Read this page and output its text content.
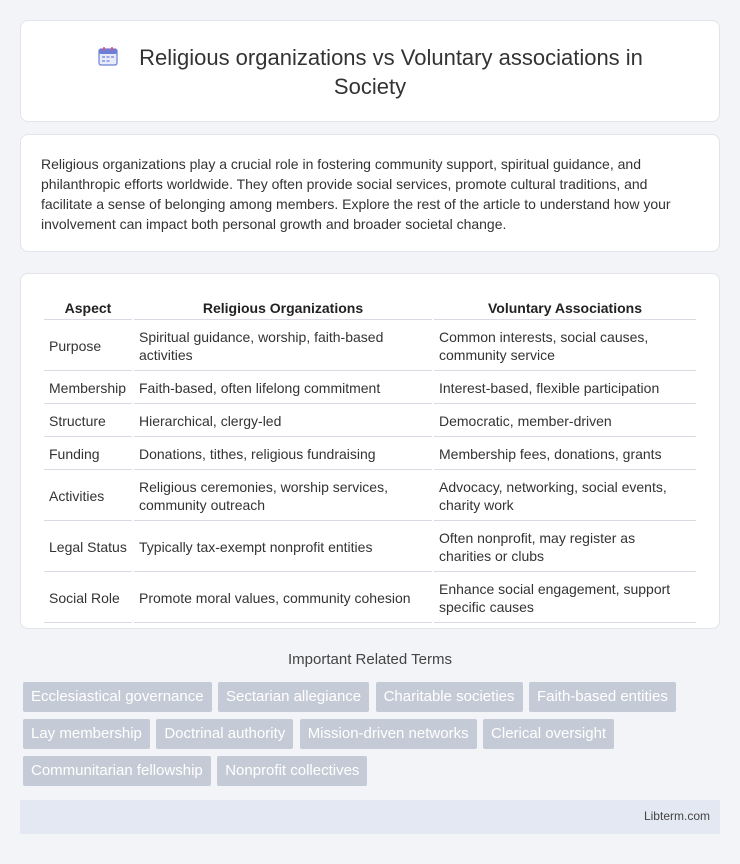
Religious organizations vs Voluntary associations in Society

Religious organizations play a crucial role in fostering community support, spiritual guidance, and philanthropic efforts worldwide. They often provide social services, promote cultural traditions, and facilitate a sense of belonging among members. Explore the rest of the article to understand how your involvement can impact both personal growth and broader societal change.

Aspect	Religious Organizations	Voluntary Associations
Purpose	Spiritual guidance, worship, faith-based activities	Common interests, social causes, community service
Membership	Faith-based, often lifelong commitment	Interest-based, flexible participation
Structure	Hierarchical, clergy-led	Democratic, member-driven
Funding	Donations, tithes, religious fundraising	Membership fees, donations, grants
Activities	Religious ceremonies, worship services, community outreach	Advocacy, networking, social events, charity work
Legal Status	Typically tax-exempt nonprofit entities	Often nonprofit, may register as charities or clubs
Social Role	Promote moral values, community cohesion	Enhance social engagement, support specific causes
Important Related Terms
Ecclesiastical governance Sectarian allegiance Charitable societies Faith-based entities Lay membership Doctrinal authority Mission-driven networks Clerical oversight Communitarian fellowship Nonprofit collectives
Libterm.com
